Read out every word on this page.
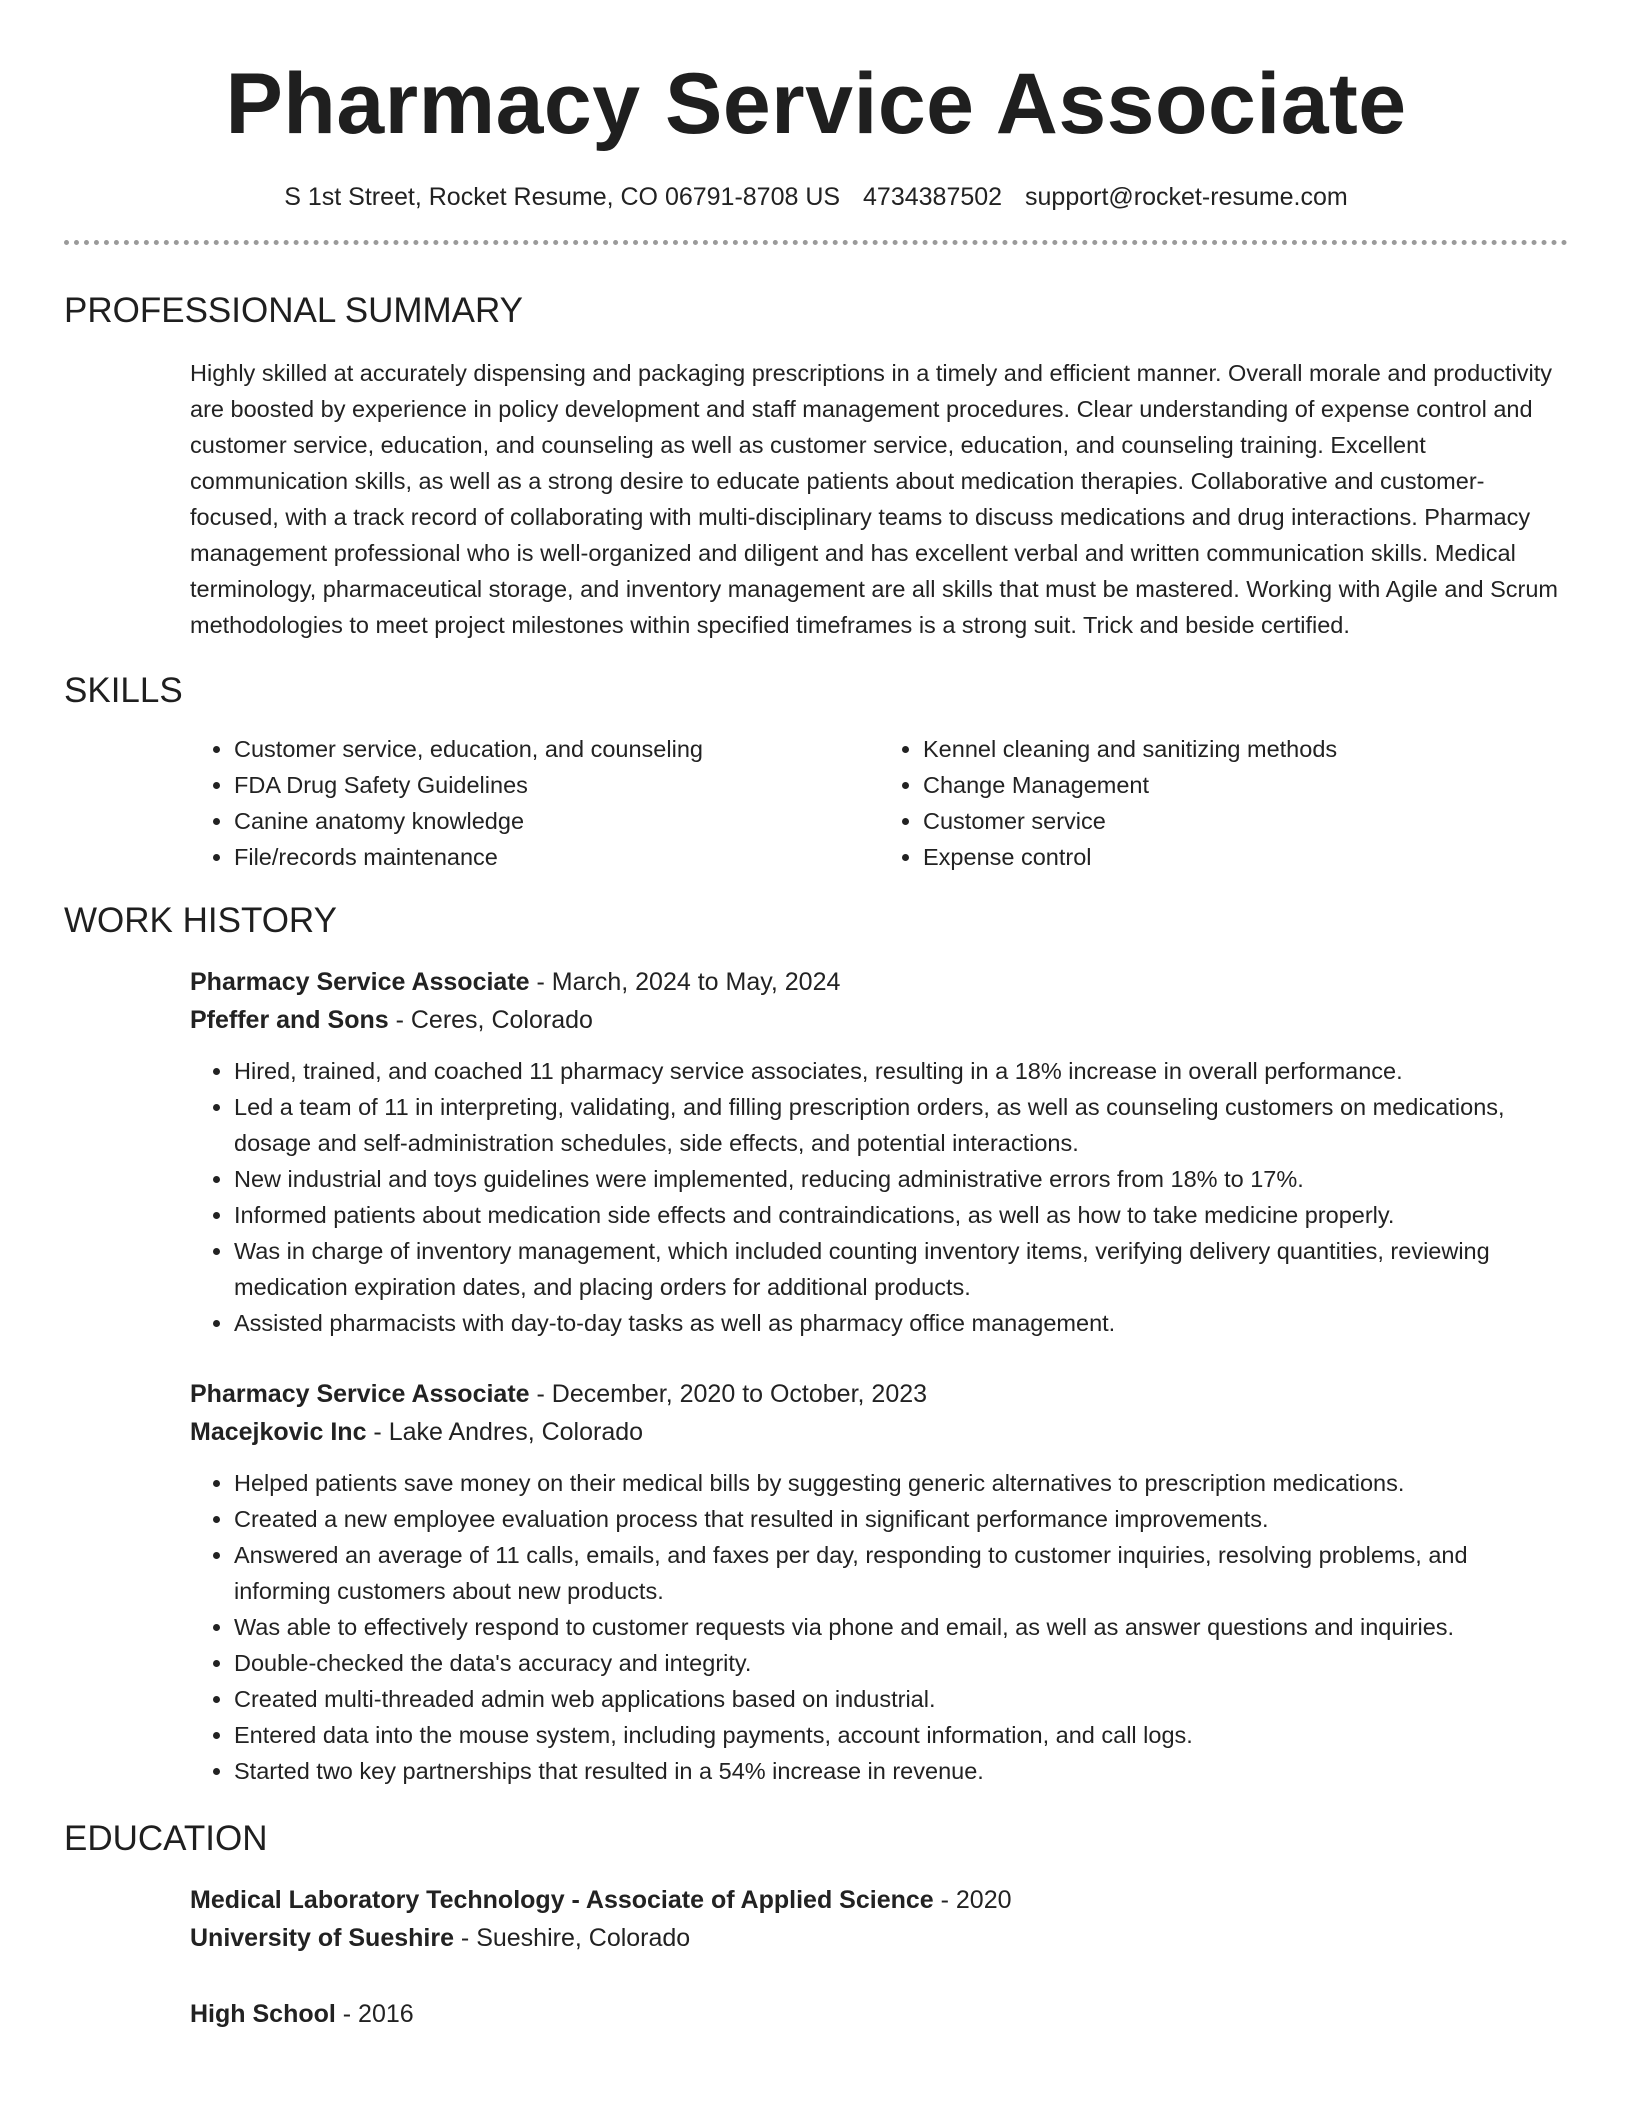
Pharmacy Service Associate
S 1st Street, Rocket Resume, CO 06791-8708 US 4734387502 support@rocket-resume.com
PROFESSIONAL SUMMARY
Highly skilled at accurately dispensing and packaging prescriptions in a timely and efficient manner. Overall morale and productivity are boosted by experience in policy development and staff management procedures. Clear understanding of expense control and customer service, education, and counseling as well as customer service, education, and counseling training. Excellent communication skills, as well as a strong desire to educate patients about medication therapies. Collaborative and customer-focused, with a track record of collaborating with multi-disciplinary teams to discuss medications and drug interactions. Pharmacy management professional who is well-organized and diligent and has excellent verbal and written communication skills. Medical terminology, pharmaceutical storage, and inventory management are all skills that must be mastered. Working with Agile and Scrum methodologies to meet project milestones within specified timeframes is a strong suit. Trick and beside certified.
SKILLS
• Customer service, education, and counseling
• FDA Drug Safety Guidelines
• Canine anatomy knowledge
• File/records maintenance
• Kennel cleaning and sanitizing methods
• Change Management
• Customer service
• Expense control
WORK HISTORY
Pharmacy Service Associate - March, 2024 to May, 2024
Pfeffer and Sons - Ceres, Colorado
• Hired, trained, and coached 11 pharmacy service associates, resulting in a 18% increase in overall performance.
• Led a team of 11 in interpreting, validating, and filling prescription orders, as well as counseling customers on medications, dosage and self-administration schedules, side effects, and potential interactions.
• New industrial and toys guidelines were implemented, reducing administrative errors from 18% to 17%.
• Informed patients about medication side effects and contraindications, as well as how to take medicine properly.
• Was in charge of inventory management, which included counting inventory items, verifying delivery quantities, reviewing medication expiration dates, and placing orders for additional products.
• Assisted pharmacists with day-to-day tasks as well as pharmacy office management.
Pharmacy Service Associate - December, 2020 to October, 2023
Macejkovic Inc - Lake Andres, Colorado
• Helped patients save money on their medical bills by suggesting generic alternatives to prescription medications.
• Created a new employee evaluation process that resulted in significant performance improvements.
• Answered an average of 11 calls, emails, and faxes per day, responding to customer inquiries, resolving problems, and informing customers about new products.
• Was able to effectively respond to customer requests via phone and email, as well as answer questions and inquiries.
• Double-checked the data's accuracy and integrity.
• Created multi-threaded admin web applications based on industrial.
• Entered data into the mouse system, including payments, account information, and call logs.
• Started two key partnerships that resulted in a 54% increase in revenue.
EDUCATION
Medical Laboratory Technology - Associate of Applied Science - 2020
University of Sueshire - Sueshire, Colorado
High School - 2016
